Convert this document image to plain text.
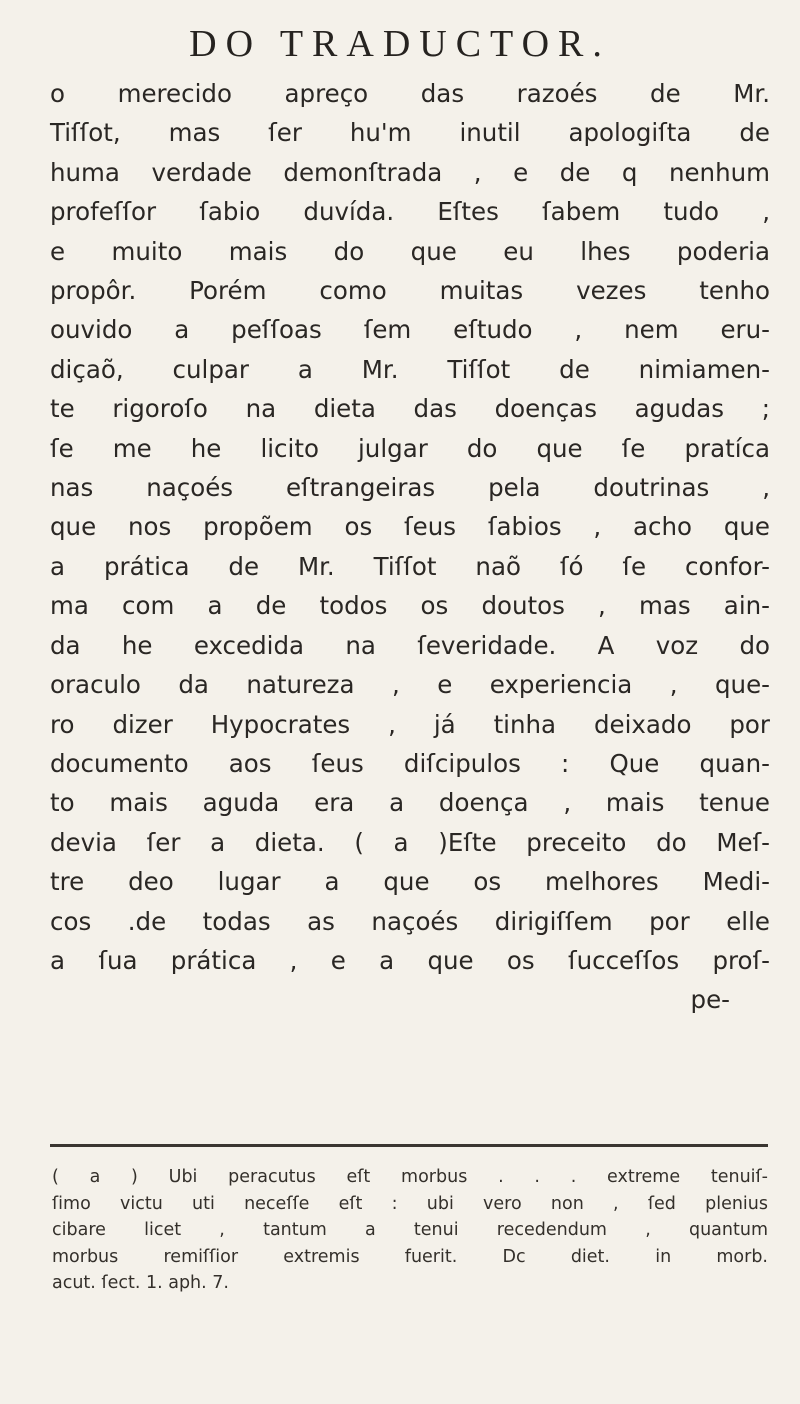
DO TRADUCTOR.
o merecido apreço das razoés de Mr.
Tiſſot, mas ſer hu'm inutil apologiſta de
huma verdade demonſtrada , e de q nenhum
profeſſor ſabio duvída. Eſtes ſabem tudo ,
e muito mais do que eu lhes poderia
propôr. Porém como muitas vezes tenho
ouvido a peſſoas ſem eſtudo , nem eru-
diçaõ, culpar a Mr. Tiſſot de nimiamen-
te rigoroſo na dieta das doenças agudas ;
ſe me he licito julgar do que ſe pratíca
nas naçoés eſtrangeiras pela doutrinas ,
que nos propõem os ſeus ſabios , acho que
a prática de Mr. Tiſſot naõ ſó ſe confor-
ma com a de todos os doutos , mas ain-
da he excedida na ſeveridade. A voz do
oraculo da natureza , e experiencia , que-
ro dizer Hypocrates , já tinha deixado por
documento aos ſeus diſcipulos : Que quan-
to mais aguda era a doença , mais tenue
devia ſer a dieta. ( a )Eſte preceito do Meſ-
tre deo lugar a que os melhores Medi-
cos .de todas as naçoés dirigiſſem por elle
a ſua prática , e a que os ſucceſſos proſ-
pe-
( a ) Ubi peracutus eſt morbus . . . extreme tenuiſ-
ſimo victu uti neceſſe eſt : ubi vero non , ſed plenius
cibare licet , tantum a tenui recedendum , quantum
morbus remiſſior extremis fuerit. Dc diet. in morb.
acut. ſect. 1. aph. 7.
